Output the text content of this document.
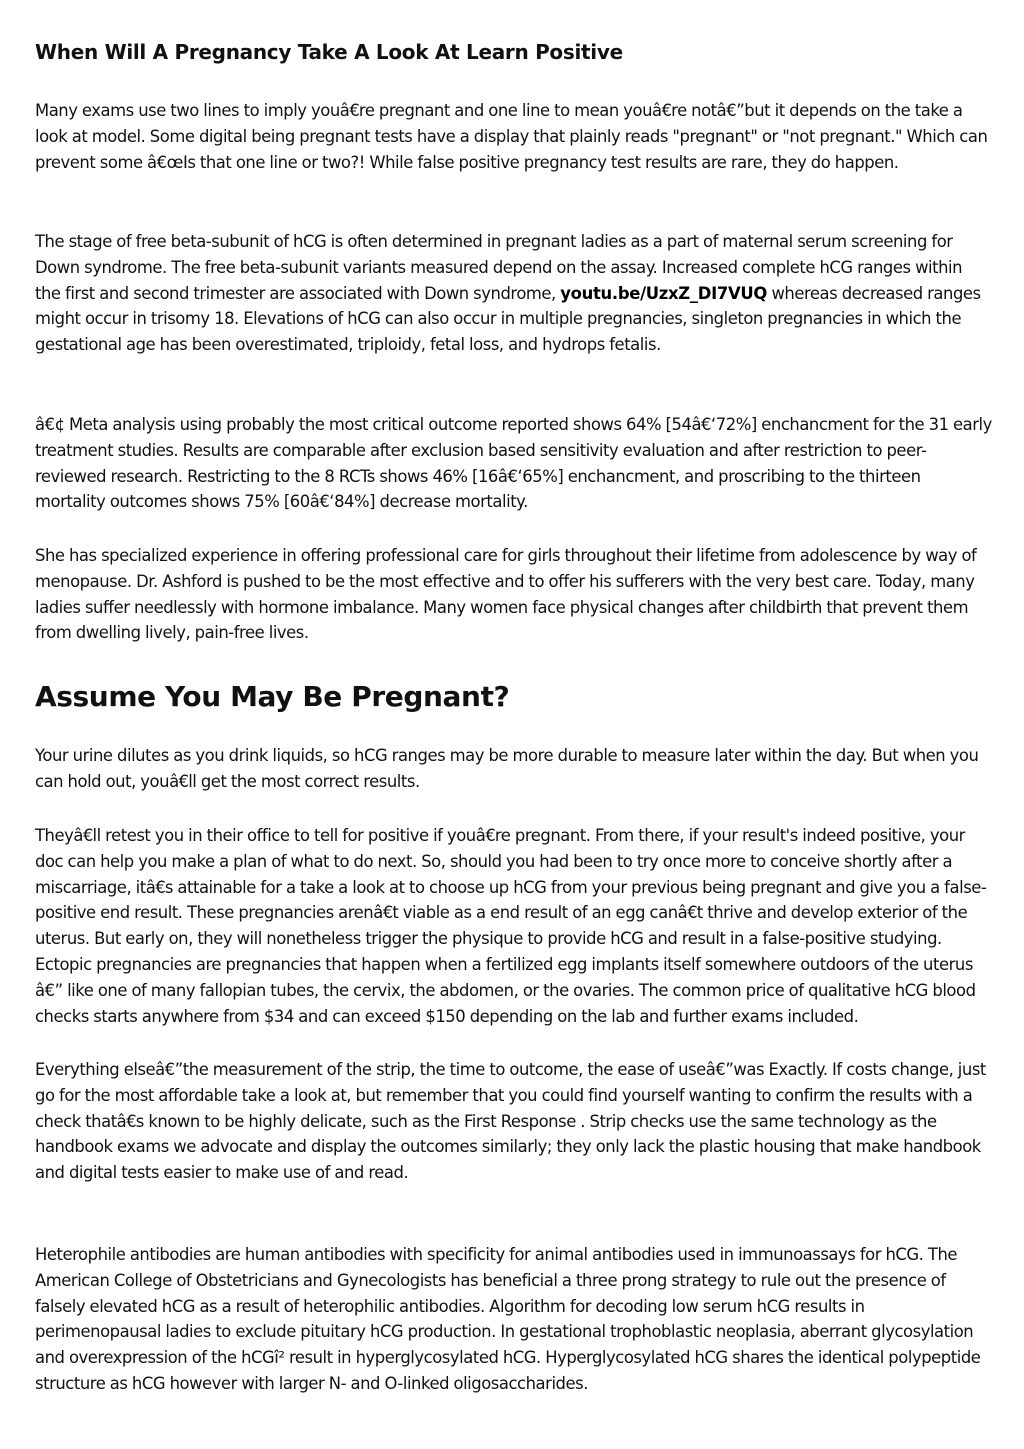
When Will A Pregnancy Take A Look At Learn Positive

Many exams use two lines to imply youâ€re pregnant and one line to mean youâ€re notâ€”but it depends on the take a look at model. Some digital being pregnant tests have a display that plainly reads "pregnant" or "not pregnant." Which can prevent some â€œIs that one line or two?! While false positive pregnancy test results are rare, they do happen.

The stage of free beta-subunit of hCG is often determined in pregnant ladies as a part of maternal serum screening for Down syndrome. The free beta-subunit variants measured depend on the assay. Increased complete hCG ranges within the first and second trimester are associated with Down syndrome, youtu.be/UzxZ_DI7VUQ whereas decreased ranges might occur in trisomy 18. Elevations of hCG can also occur in multiple pregnancies, singleton pregnancies in which the gestational age has been overestimated, triploidy, fetal loss, and hydrops fetalis.

â€¢ Meta analysis using probably the most critical outcome reported shows 64% [54â€‘72%] enchancment for the 31 early treatment studies. Results are comparable after exclusion based sensitivity evaluation and after restriction to peer-reviewed research. Restricting to the 8 RCTs shows 46% [16â€‘65%] enchancment, and proscribing to the thirteen mortality outcomes shows 75% [60â€‘84%] decrease mortality.

She has specialized experience in offering professional care for girls throughout their lifetime from adolescence by way of menopause. Dr. Ashford is pushed to be the most effective and to offer his sufferers with the very best care. Today, many ladies suffer needlessly with hormone imbalance. Many women face physical changes after childbirth that prevent them from dwelling lively, pain-free lives.

Assume You May Be Pregnant?

Your urine dilutes as you drink liquids, so hCG ranges may be more durable to measure later within the day. But when you can hold out, youâ€ll get the most correct results.

Theyâ€ll retest you in their office to tell for positive if youâ€re pregnant. From there, if your result's indeed positive, your doc can help you make a plan of what to do next. So, should you had been to try once more to conceive shortly after a miscarriage, itâ€s attainable for a take a look at to choose up hCG from your previous being pregnant and give you a false-positive end result. These pregnancies arenâ€t viable as a end result of an egg canâ€t thrive and develop exterior of the uterus. But early on, they will nonetheless trigger the physique to provide hCG and result in a false-positive studying. Ectopic pregnancies are pregnancies that happen when a fertilized egg implants itself somewhere outdoors of the uterus â€” like one of many fallopian tubes, the cervix, the abdomen, or the ovaries. The common price of qualitative hCG blood checks starts anywhere from $34 and can exceed $150 depending on the lab and further exams included.

Everything elseâ€”the measurement of the strip, the time to outcome, the ease of useâ€”was Exactly. If costs change, just go for the most affordable take a look at, but remember that you could find yourself wanting to confirm the results with a check thatâ€s known to be highly delicate, such as the First Response . Strip checks use the same technology as the handbook exams we advocate and display the outcomes similarly; they only lack the plastic housing that make handbook and digital tests easier to make use of and read.

Heterophile antibodies are human antibodies with specificity for animal antibodies used in immunoassays for hCG. The American College of Obstetricians and Gynecologists has beneficial a three prong strategy to rule out the presence of falsely elevated hCG as a result of heterophilic antibodies. Algorithm for decoding low serum hCG results in perimenopausal ladies to exclude pituitary hCG production. In gestational trophoblastic neoplasia, aberrant glycosylation and overexpression of the hCGî² result in hyperglycosylated hCG. Hyperglycosylated hCG shares the identical polypeptide structure as hCG however with larger N- and O-linked oligosaccharides.
